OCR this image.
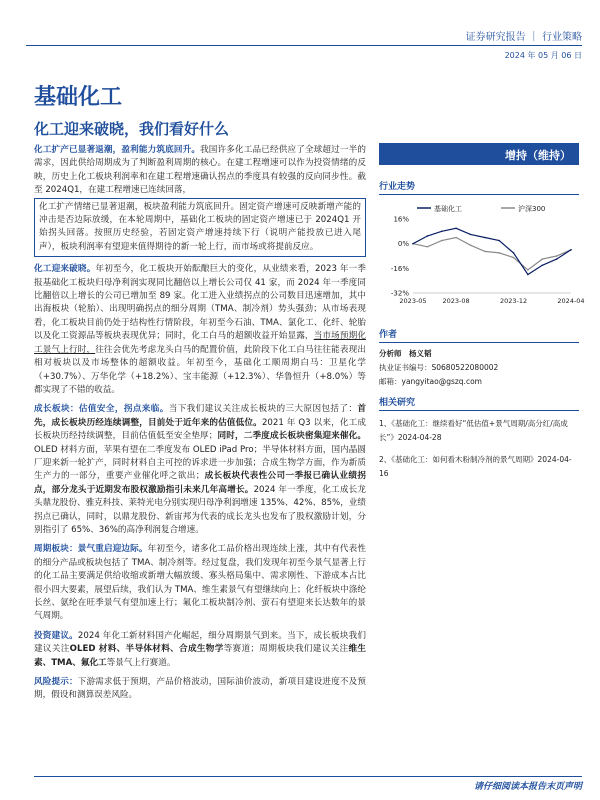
证券研究报告 ｜ 行业策略
2024 年 05 月 06 日
基础化工
化工迎来破晓，我们看好什么

化工扩产已显著退潮，盈利能力筑底回升。我国许多化工品已经供应了全球超过一半的需求，因此供给周期成为了判断盈利周期的核心。在建工程增速可以作为投资情绪的反映，历史上化工板块利润率和在建工程增速确认拐点的季度具有较强的反向同步性。截至 2024Q1，在建工程增速已连续回落，

化工扩产情绪已显著退潮，板块盈利能力筑底回升。固定资产增速可反映新增产能的冲击是否边际放缓，在本轮周期中，基础化工板块的固定资产增速已于 2024Q1 开始拐头回落。按照历史经验，若固定资产增速持续下行（说明产能投放已进入尾声），板块利润率有望迎来值得期待的新一轮上行，而市场或将提前反应。

化工迎来破晓。年初至今，化工板块开始酝酿巨大的变化，从业绩来看，2023 年一季报基础化工板块归母净利润实现同比翻倍以上增长公司仅 41 家，而 2024 年一季度同比翻倍以上增长的公司已增加至 89 家。化工进入业绩拐点的公司数目迅速增加，其中出海板块（轮胎）、出现明确拐点的细分周期（TMA、制冷剂）势头强劲；从市场表现看，化工板块目前仍处于结构性行情阶段，年初至今石油、TMA、氯化工、化纤、轮胎以及化工资源品等板块表现优异；同时，化工白马的超额收益开始显露，当市场预期化工景气上行时，往往会优先考虑龙头白马的配置价值，此阶段下化工白马往往能表现出相对板块以及市场整体的超额收益。年初至今，基础化工顺周期白马：卫星化学（+30.7%）、万华化学（+18.2%）、宝丰能源（+12.3%）、华鲁恒升（+8.0%）等都实现了不错的收益。

成长板块：估值安全，拐点来临。当下我们建议关注成长板块的三大原因包括了：首先，成长板块历经连续调整，目前处于近年来的估值低位。2021 年 Q3 以来，化工成长板块历经持续调整，目前估值低至安全垫厚；同时，二季度成长板块密集迎来催化。OLED 材料方面，苹果有望在二季度发布 OLED iPad Pro；半导体材料方面，国内晶圆厂迎来新一轮扩产，同时材料自主可控的诉求进一步加强；合成生物学方面，作为新质生产力的一部分，重要产业催化呼之欲出；成长板块代表性公司一季报已确认业绩拐点，部分龙头于近期发布股权激励指引未来几年高增长。2024 年一季度，化工成长龙头鼎龙股份、雅克科技、莱特光电分别实现归母净利润增速 135%、42%、85%，业绩拐点已确认，同时，以鼎龙股份、新宙邦为代表的成长龙头也发布了股权激励计划，分别指引了 65%、36%的高净利润复合增速。

周期板块：景气重启迎边际。年初至今，诸多化工品价格出现连续上涨，其中有代表性的细分产品或板块包括了 TMA、制冷剂等。经过复盘，我们发现年初至今景气显著上行的化工品主要满足供给收缩或新增大幅放缓、寡头格局集中、需求刚性、下游成本占比很小四大要素，展望后续，我们认为 TMA、维生素景气有望继续向上；化纤板块中涤纶长丝、氨纶在旺季景气有望加速上行；氟化工板块制冷剂、萤石有望迎来长达数年的景气周期。

投资建议。2024 年化工新材料国产化崛起，细分周期景气到来。当下，成长板块我们建议关注OLED 材料、半导体材料、合成生物学等赛道；周期板块我们建议关注维生素、TMA、氟化工等景气上行赛道。

风险提示：下游需求低于预期，产品价格波动，国际油价波动，新项目建设进度不及预期，假设和测算误差风险。

增持（维持）
行业走势
基础化工	沪深300
16%
0%
-16%
-32%
2023-05 2023-08	2023-12	2024-04
作者
分析师　杨义韬
执业证书编号：S0680522080002
邮箱：yangyitao@gszq.com
相关研究
1、《基础化工：继续看好“低估值+景气周期/高分红/高成长”》2024-04-28
2、《基础化工：如何看木粉制冷剂的景气周期》2024-04-16
请仔细阅读本报告末页声明
